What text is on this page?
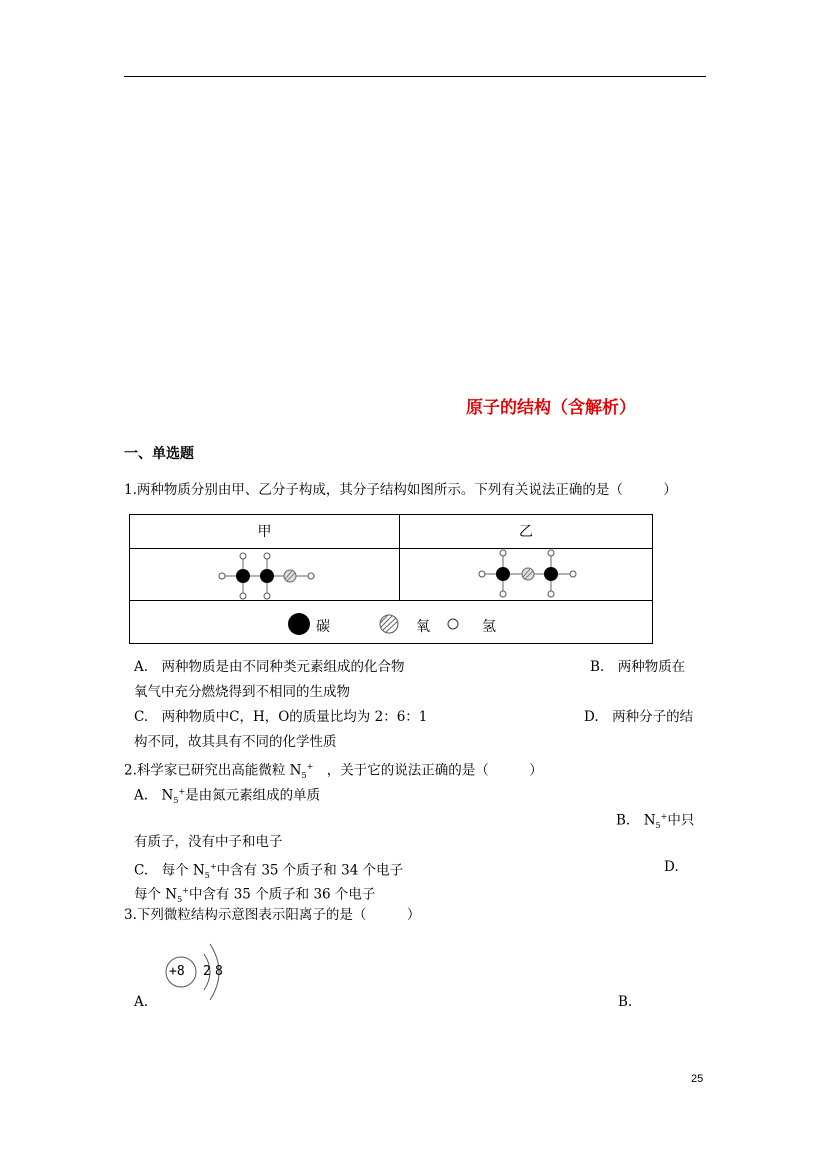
原子的结构（含解析）
一、单选题
1.两种物质分别由甲、乙分子构成，其分子结构如图所示。下列有关说法正确的是（　　　）
甲	乙
碳	氧	氢
A.　两种物质是由不同种类元素组成的化合物	B.　两种物质在
氧气中充分燃烧得到不相同的生成物
C.　两种物质中C，H，O的质量比均为 2：6：1	D.　两种分子的结
构不同，故其具有不同的化学性质
2.科学家已研究出高能微粒 $N_5^+$　，关于它的说法正确的是（　　　）
A.　$N_5^+$是由氮元素组成的单质
B.　$N_5^+$中只
有质子，没有中子和电子
C.　每个 $N_5^+$中含有 35 个质子和 34 个电子	D.
每个 $N_5^+$中含有 35 个质子和 36 个电子
3.下列微粒结构示意图表示阳离子的是（　　　）
+8 2 8
A.	B.
25
